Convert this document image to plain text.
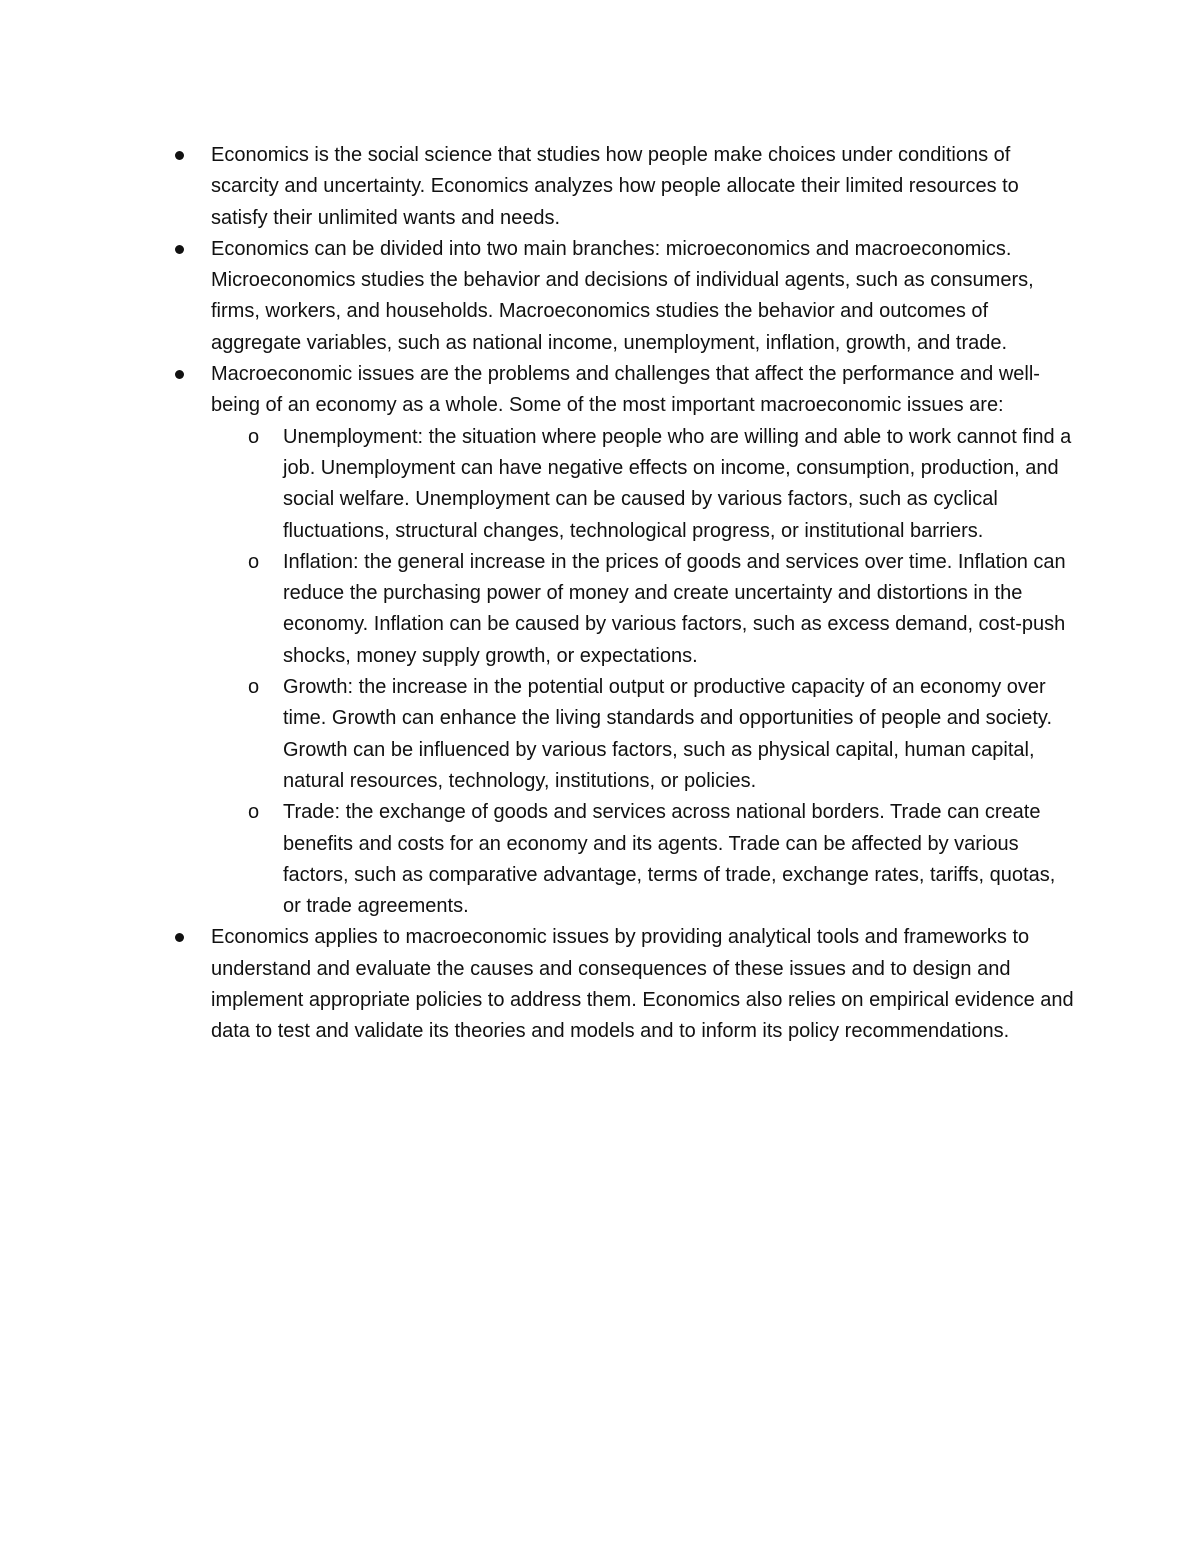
Economics is the social science that studies how people make choices under conditions of scarcity and uncertainty. Economics analyzes how people allocate their limited resources to satisfy their unlimited wants and needs.
Economics can be divided into two main branches: microeconomics and macroeconomics. Microeconomics studies the behavior and decisions of individual agents, such as consumers, firms, workers, and households. Macroeconomics studies the behavior and outcomes of aggregate variables, such as national income, unemployment, inflation, growth, and trade.
Macroeconomic issues are the problems and challenges that affect the performance and well-being of an economy as a whole. Some of the most important macroeconomic issues are:
o Unemployment: the situation where people who are willing and able to work cannot find a job. Unemployment can have negative effects on income, consumption, production, and social welfare. Unemployment can be caused by various factors, such as cyclical fluctuations, structural changes, technological progress, or institutional barriers.
o Inflation: the general increase in the prices of goods and services over time. Inflation can reduce the purchasing power of money and create uncertainty and distortions in the economy. Inflation can be caused by various factors, such as excess demand, cost-push shocks, money supply growth, or expectations.
o Growth: the increase in the potential output or productive capacity of an economy over time. Growth can enhance the living standards and opportunities of people and society. Growth can be influenced by various factors, such as physical capital, human capital, natural resources, technology, institutions, or policies.
o Trade: the exchange of goods and services across national borders. Trade can create benefits and costs for an economy and its agents. Trade can be affected by various factors, such as comparative advantage, terms of trade, exchange rates, tariffs, quotas, or trade agreements.
Economics applies to macroeconomic issues by providing analytical tools and frameworks to understand and evaluate the causes and consequences of these issues and to design and implement appropriate policies to address them. Economics also relies on empirical evidence and data to test and validate its theories and models and to inform its policy recommendations.
